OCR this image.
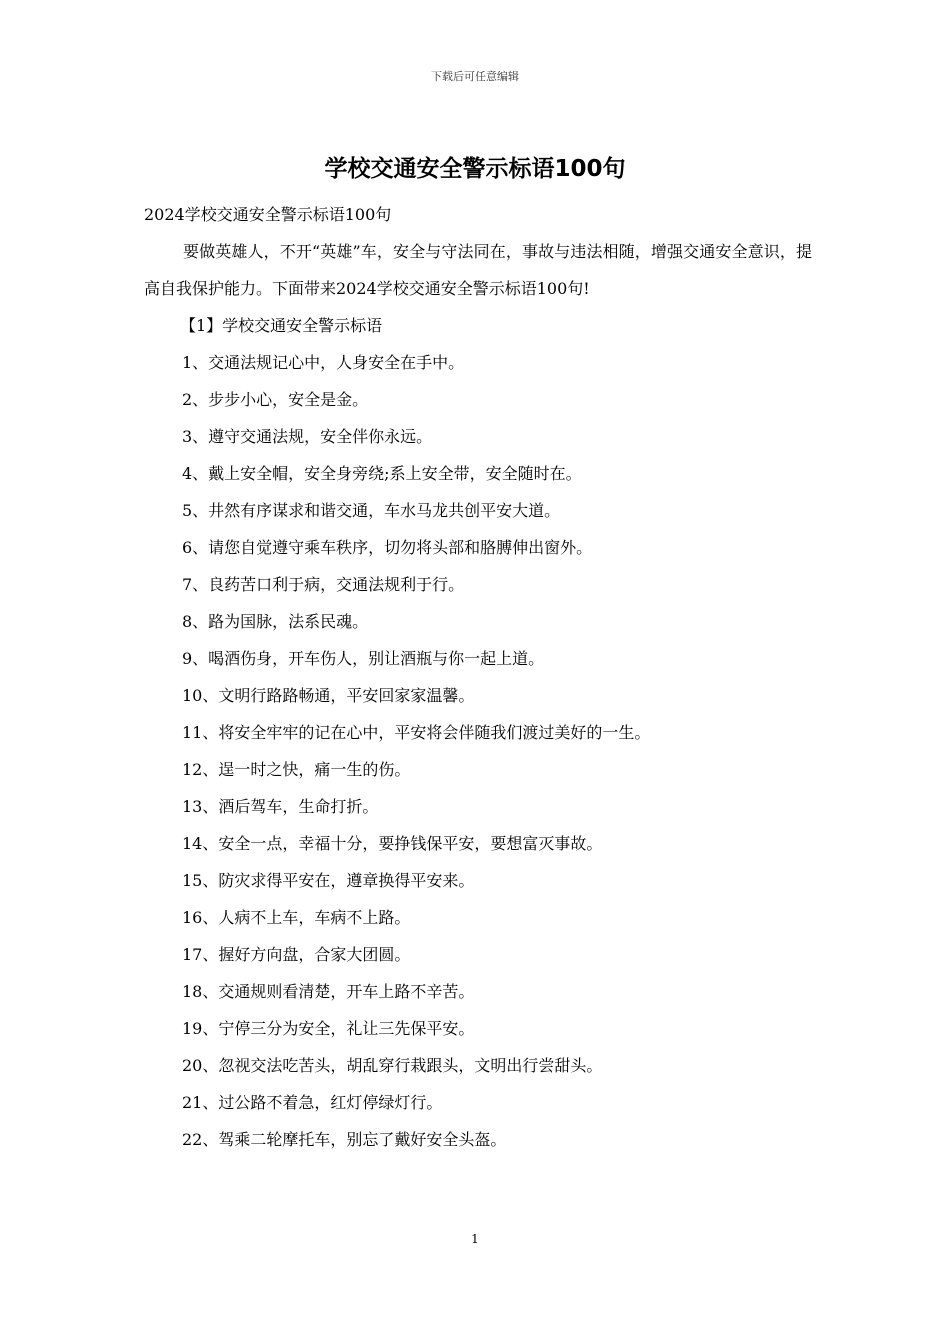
下载后可任意编辑
学校交通安全警示标语100句

2024学校交通安全警示标语100句

要做英雄人，不开“英雄”车，安全与守法同在，事故与违法相随，增强交通安全意识，提高自我保护能力。下面带来2024学校交通安全警示标语100句!

【1】学校交通安全警示标语

1、交通法规记心中，人身安全在手中。
2、步步小心，安全是金。
3、遵守交通法规，安全伴你永远。
4、戴上安全帽，安全身旁绕;系上安全带，安全随时在。
5、井然有序谋求和谐交通，车水马龙共创平安大道。
6、请您自觉遵守乘车秩序，切勿将头部和胳膊伸出窗外。
7、良药苦口利于病，交通法规利于行。
8、路为国脉，法系民魂。
9、喝酒伤身，开车伤人，别让酒瓶与你一起上道。
10、文明行路路畅通，平安回家家温馨。
11、将安全牢牢的记在心中，平安将会伴随我们渡过美好的一生。
12、逞一时之快，痛一生的伤。
13、酒后驾车，生命打折。
14、安全一点，幸福十分，要挣钱保平安，要想富灭事故。
15、防灾求得平安在，遵章换得平安来。
16、人病不上车，车病不上路。
17、握好方向盘，合家大团圆。
18、交通规则看清楚，开车上路不辛苦。
19、宁停三分为安全，礼让三先保平安。
20、忽视交法吃苦头，胡乱穿行栽跟头，文明出行尝甜头。
21、过公路不着急，红灯停绿灯行。
22、驾乘二轮摩托车，别忘了戴好安全头盔。
1
